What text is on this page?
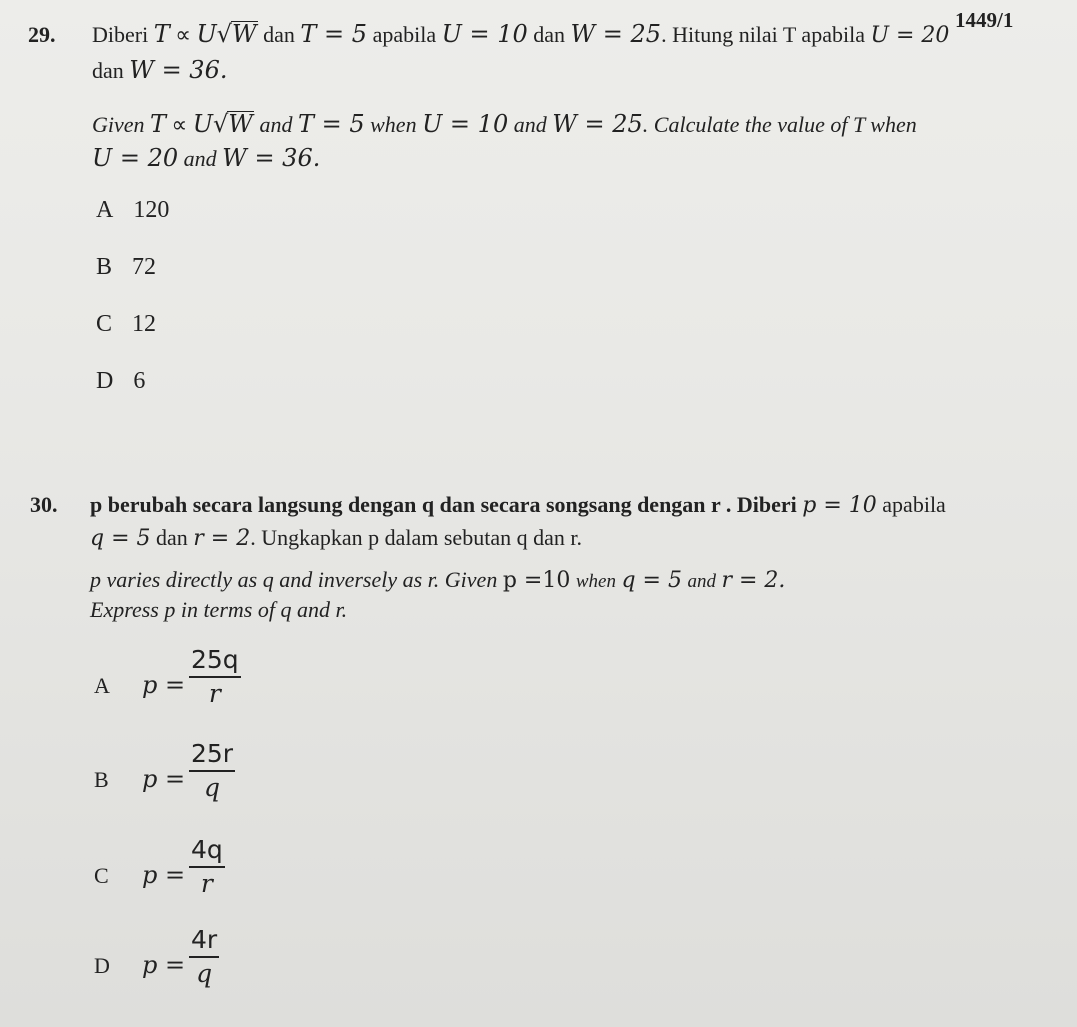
1449/1
29. Diberi T ∝ U√W dan T = 5 apabila U = 10 dan W = 25. Hitung nilai T apabila U = 20
dan W = 36.
Given T ∝ U√W and T = 5 when U = 10 and W = 25. Calculate the value of T when
U = 20 and W = 36.
A 120
B 72
C 12
D 6
30. p berubah secara langsung dengan q dan secara songsang dengan r . Diberi p = 10 apabila
q = 5 dan r = 2. Ungkapkan p dalam sebutan q dan r.
p varies directly as q and inversely as r. Given p =10 when q = 5 and r = 2.
Express p in terms of q and r.
A $p = \frac{25q}{r}$
B $p = \frac{25r}{q}$
C $p = \frac{4q}{r}$
D $p = \frac{4r}{q}$
